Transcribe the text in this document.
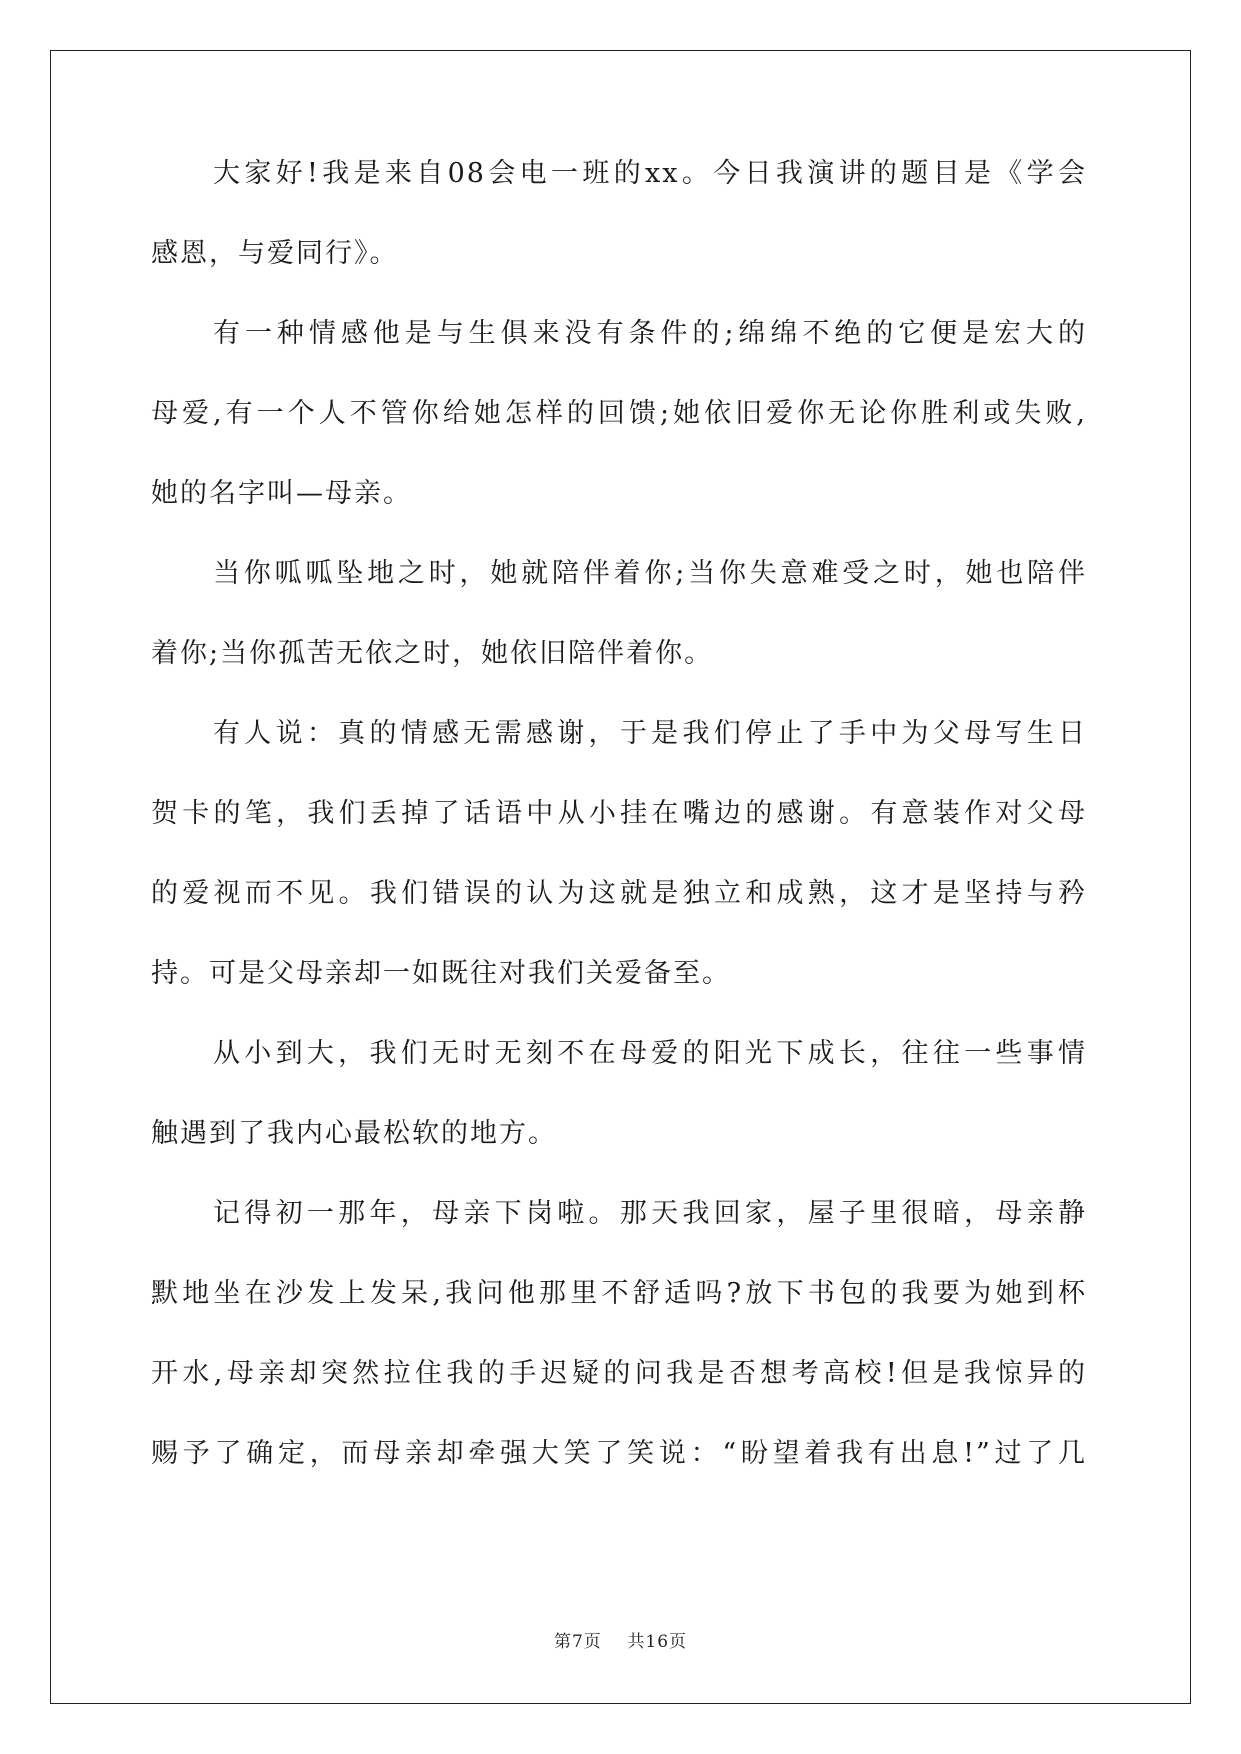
大家好!我是来自08会电一班的xx。今日我演讲的题目是《学会
感恩，与爱同行》。
有一种情感他是与生俱来没有条件的;绵绵不绝的它便是宏大的
母爱,有一个人不管你给她怎样的回馈;她依旧爱你无论你胜利或失败,
她的名字叫—母亲。
当你呱呱坠地之时，她就陪伴着你;当你失意难受之时，她也陪伴
着你;当你孤苦无依之时，她依旧陪伴着你。
有人说：真的情感无需感谢，于是我们停止了手中为父母写生日
贺卡的笔，我们丢掉了话语中从小挂在嘴边的感谢。有意装作对父母
的爱视而不见。我们错误的认为这就是独立和成熟，这才是坚持与矜
持。可是父母亲却一如既往对我们关爱备至。
从小到大，我们无时无刻不在母爱的阳光下成长，往往一些事情
触遇到了我内心最松软的地方。
记得初一那年，母亲下岗啦。那天我回家，屋子里很暗，母亲静
默地坐在沙发上发呆,我问他那里不舒适吗?放下书包的我要为她到杯
开水,母亲却突然拉住我的手迟疑的问我是否想考高校!但是我惊异的
赐予了确定，而母亲却牵强大笑了笑说：“盼望着我有出息!”过了几
第7页 共16页
